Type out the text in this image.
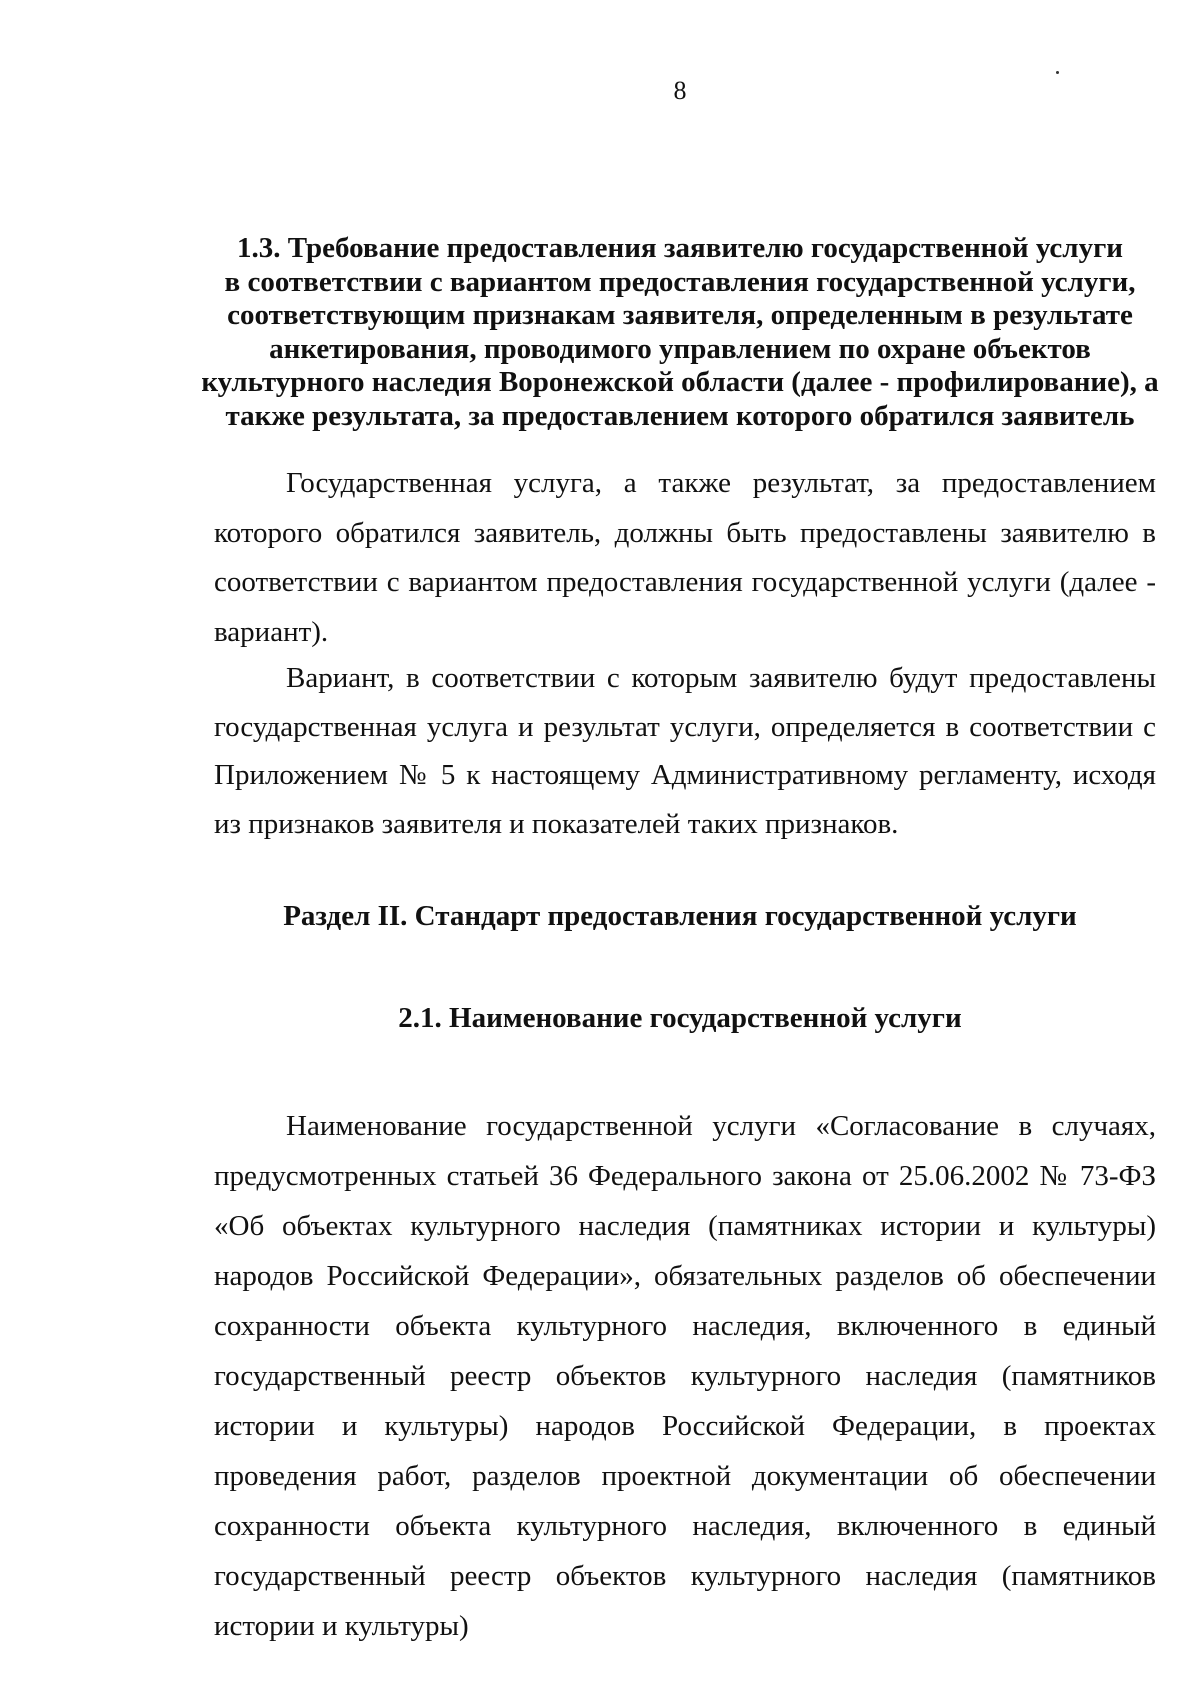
8
1.3. Требование предоставления заявителю государственной услуги
в соответствии с вариантом предоставления государственной услуги,
соответствующим признакам заявителя, определенным в результате
анкетирования, проводимого управлением по охране объектов
культурного наследия Воронежской области (далее - профилирование), а
также результата, за предоставлением которого обратился заявитель
Государственная услуга, а также результат, за предоставлением которого обратился заявитель, должны быть предоставлены заявителю в соответствии с вариантом предоставления государственной услуги (далее - вариант).
Вариант, в соответствии с которым заявителю будут предоставлены государственная услуга и результат услуги, определяется в соответствии с Приложением № 5 к настоящему Административному регламенту, исходя из признаков заявителя и показателей таких признаков.
Раздел II. Стандарт предоставления государственной услуги
2.1. Наименование государственной услуги
Наименование государственной услуги «Согласование в случаях, предусмотренных статьей 36 Федерального закона от 25.06.2002 № 73-ФЗ «Об объектах культурного наследия (памятниках истории и культуры) народов Российской Федерации», обязательных разделов об обеспечении сохранности объекта культурного наследия, включенного в единый государственный реестр объектов культурного наследия (памятников истории и культуры) народов Российской Федерации, в проектах проведения работ, разделов проектной документации об обеспечении сохранности объекта культурного наследия, включенного в единый государственный реестр объектов культурного наследия (памятников истории и культуры)
